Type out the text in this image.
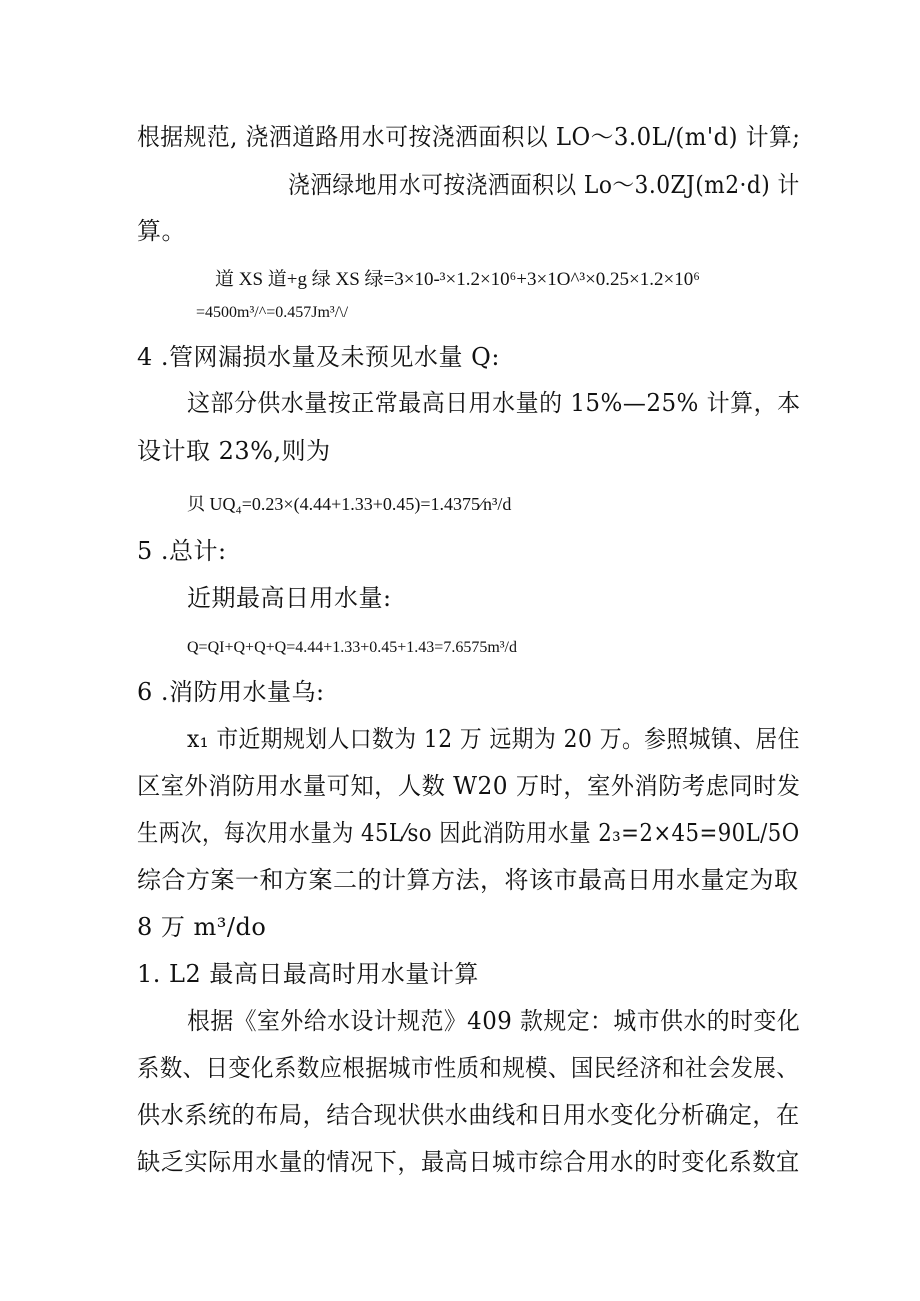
根据规范, 浇洒道路用水可按浇洒面积以 LO～3.0L/(m'd) 计算;
浇洒绿地用水可按浇洒面积以 Lo～3.0ZJ(m2·d) 计
算。
道 XS 道+g 绿 XS 绿=3×10-³×1.2×10⁶+3×1O^³×0.25×1.2×10⁶
=4500m³/^=0.457Jm³/\/
4 .管网漏损水量及未预见水量 Q:
这部分供水量按正常最高日用水量的 15%—25% 计算，本
设计取 23%,则为
贝 UQ₄=0.23×(4.44+1.33+0.45)=1.4375⁄n³/d
5 .总计:
近期最高日用水量:
Q=QI+Q+Q+Q=4.44+1.33+0.45+1.43=7.6575m³/d
6 .消防用水量乌:
x₁ 市近期规划人口数为 12 万 远期为 20 万。参照城镇、居住
区室外消防用水量可知，人数 W20 万时，室外消防考虑同时发
生两次，每次用水量为 45L⁄so 因此消防用水量 2₃=2×45=90L/5O
综合方案一和方案二的计算方法，将该市最高日用水量定为取
8 万 m³/do
1. L2 最高日最高时用水量计算
根据《室外给水设计规范》409 款规定：城市供水的时变化
系数、日变化系数应根据城市性质和规模、国民经济和社会发展、
供水系统的布局，结合现状供水曲线和日用水变化分析确定，在
缺乏实际用水量的情况下，最高日城市综合用水的时变化系数宜
